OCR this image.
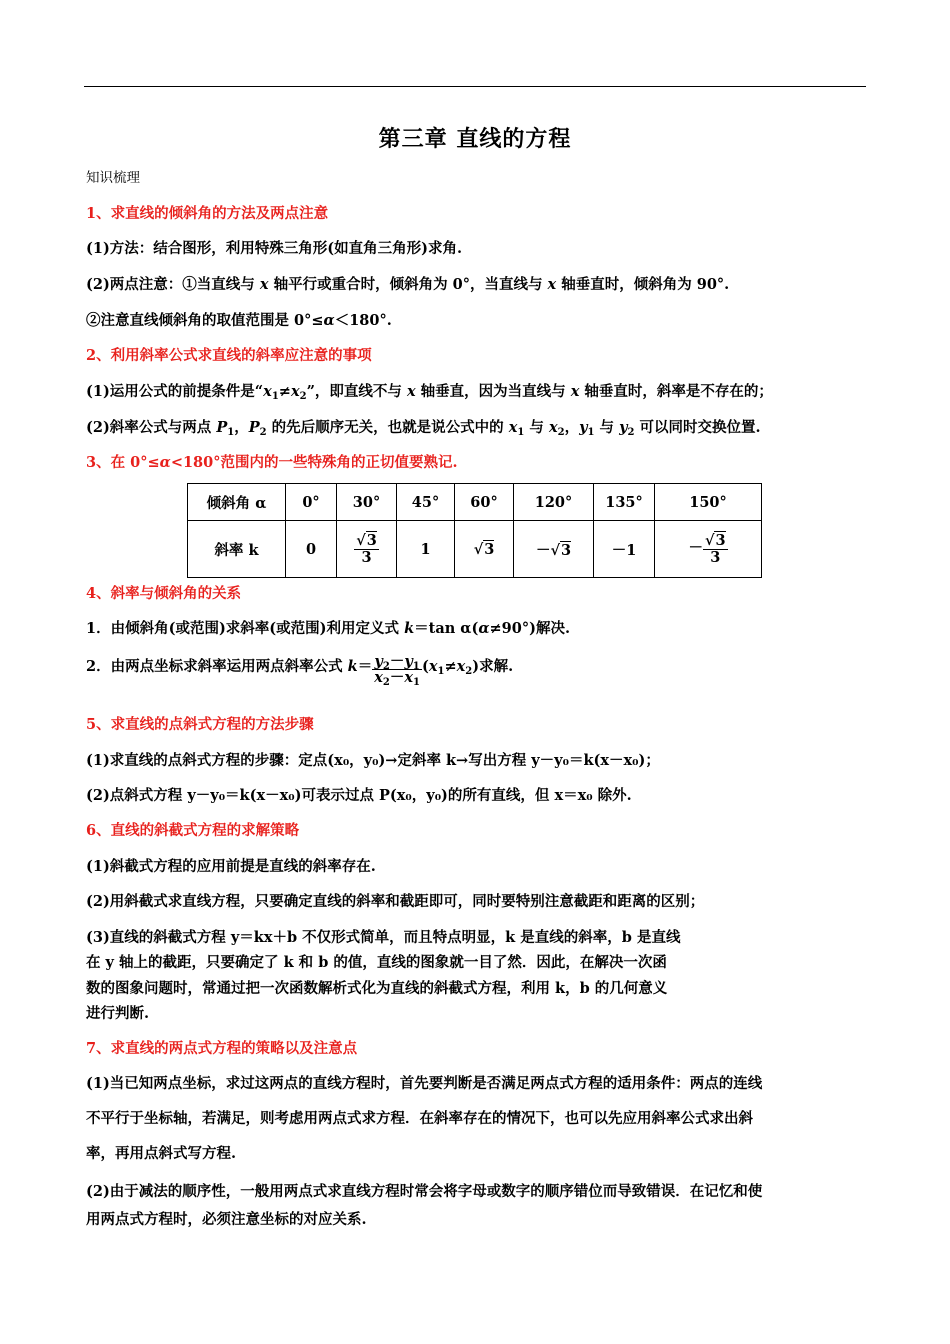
第三章 直线的方程
知识梳理
1、求直线的倾斜角的方法及两点注意
(1)方法：结合图形，利用特殊三角形(如直角三角形)求角.
(2)两点注意：①当直线与 x 轴平行或重合时，倾斜角为 0°，当直线与 x 轴垂直时，倾斜角为 90°.
②注意直线倾斜角的取值范围是 0°≤α＜180°.
2、利用斜率公式求直线的斜率应注意的事项
(1)运用公式的前提条件是“$x_1\ne x_2$”，即直线不与 x 轴垂直，因为当直线与 x 轴垂直时，斜率是不存在的；
(2)斜率公式与两点 $P_1$，$P_2$ 的先后顺序无关，也就是说公式中的 $x_1$ 与 $x_2$，$y_1$ 与 $y_2$ 可以同时交换位置.
3、在 0°≤α<180°范围内的一些特殊角的正切值要熟记.
倾斜角 α	0°	30°	45°	60°	120°	135°	150°
斜率 k	0	$\frac{√3}{3}$	1	√3	－√3	－1	－ $\frac{√3}{3}$
4、斜率与倾斜角的关系
1．由倾斜角(或范围)求斜率(或范围)利用定义式 k＝tan α(α≠90°)解决.
2．由两点坐标求斜率运用两点斜率公式 $k= \frac{y_2-y_1}{x_2-x_1} (x_1\ne x_2)$求解.
5、求直线的点斜式方程的方法步骤
(1)求直线的点斜式方程的步骤：定点(x₀，y₀)→定斜率 k→写出方程 y－y₀＝k(x－x₀)；
(2)点斜式方程 y－y₀＝k(x－x₀)可表示过点 P(x₀，y₀)的所有直线，但 x＝x₀ 除外.
6、直线的斜截式方程的求解策略
(1)斜截式方程的应用前提是直线的斜率存在.
(2)用斜截式求直线方程，只要确定直线的斜率和截距即可，同时要特别注意截距和距离的区别；
(3)直线的斜截式方程 y＝kx＋b 不仅形式简单，而且特点明显，k 是直线的斜率，b 是直线
在 y 轴上的截距，只要确定了 k 和 b 的值，直线的图象就一目了然．因此，在解决一次函
数的图象问题时，常通过把一次函数解析式化为直线的斜截式方程，利用 k，b 的几何意义
进行判断.
7、求直线的两点式方程的策略以及注意点
(1)当已知两点坐标，求过这两点的直线方程时，首先要判断是否满足两点式方程的适用条件：两点的连线
不平行于坐标轴，若满足，则考虑用两点式求方程．在斜率存在的情况下，也可以先应用斜率公式求出斜
率，再用点斜式写方程.
(2)由于减法的顺序性，一般用两点式求直线方程时常会将字母或数字的顺序错位而导致错误．在记忆和使
用两点式方程时，必须注意坐标的对应关系.
